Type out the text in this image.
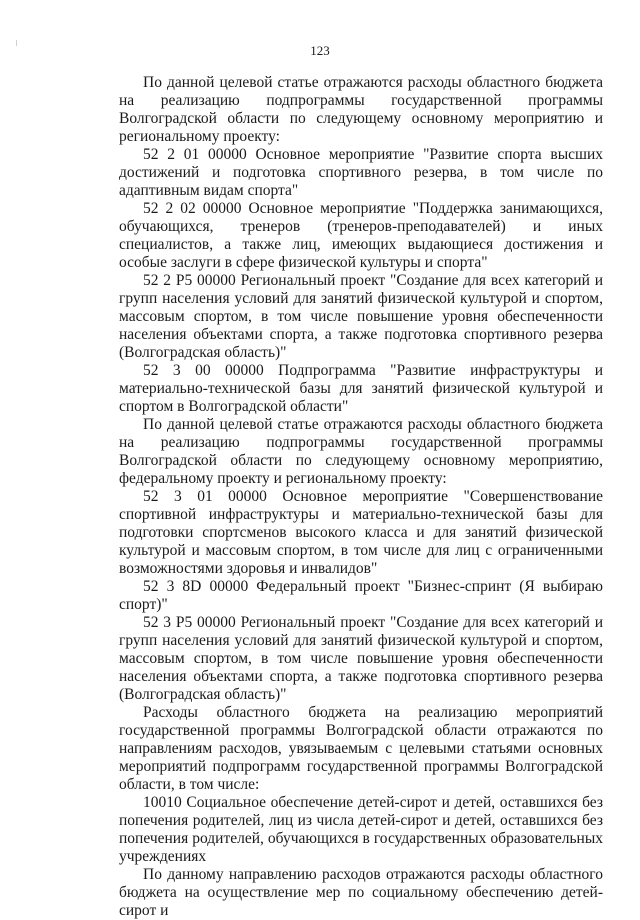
123

По данной целевой статье отражаются расходы областного бюджета на реализацию подпрограммы государственной программы Волгоградской области по следующему основному мероприятию и региональному проекту:

52 2 01 00000 Основное мероприятие "Развитие спорта высших достижений и подготовка спортивного резерва, в том числе по адаптивным видам спорта"

52 2 02 00000 Основное мероприятие "Поддержка занимающихся, обучающихся, тренеров (тренеров-преподавателей) и иных специалистов, а также лиц, имеющих выдающиеся достижения и особые заслуги в сфере физической культуры и спорта"

52 2 P5 00000 Региональный проект "Создание для всех категорий и групп населения условий для занятий физической культурой и спортом, массовым спортом, в том числе повышение уровня обеспеченности населения объектами спорта, а также подготовка спортивного резерва (Волгоградская область)"

52 3 00 00000 Подпрограмма "Развитие инфраструктуры и материально-технической базы для занятий физической культурой и спортом в Волгоградской области"

По данной целевой статье отражаются расходы областного бюджета на реализацию подпрограммы государственной программы Волгоградской области по следующему основному мероприятию, федеральному проекту и региональному проекту:

52 3 01 00000 Основное мероприятие "Совершенствование спортивной инфраструктуры и материально-технической базы для подготовки спортсменов высокого класса и для занятий физической культурой и массовым спортом, в том числе для лиц с ограниченными возможностями здоровья и инвалидов"

52 3 8D 00000 Федеральный проект "Бизнес-спринт (Я выбираю спорт)"

52 3 P5 00000 Региональный проект "Создание для всех категорий и групп населения условий для занятий физической культурой и спортом, массовым спортом, в том числе повышение уровня обеспеченности населения объектами спорта, а также подготовка спортивного резерва (Волгоградская область)"

Расходы областного бюджета на реализацию мероприятий государственной программы Волгоградской области отражаются по направлениям расходов, увязываемым с целевыми статьями основных мероприятий подпрограмм государственной программы Волгоградской области, в том числе:

10010 Социальное обеспечение детей-сирот и детей, оставшихся без попечения родителей, лиц из числа детей-сирот и детей, оставшихся без попечения родителей, обучающихся в государственных образовательных учреждениях

По данному направлению расходов отражаются расходы областного бюджета на осуществление мер по социальному обеспечению детей-сирот и
